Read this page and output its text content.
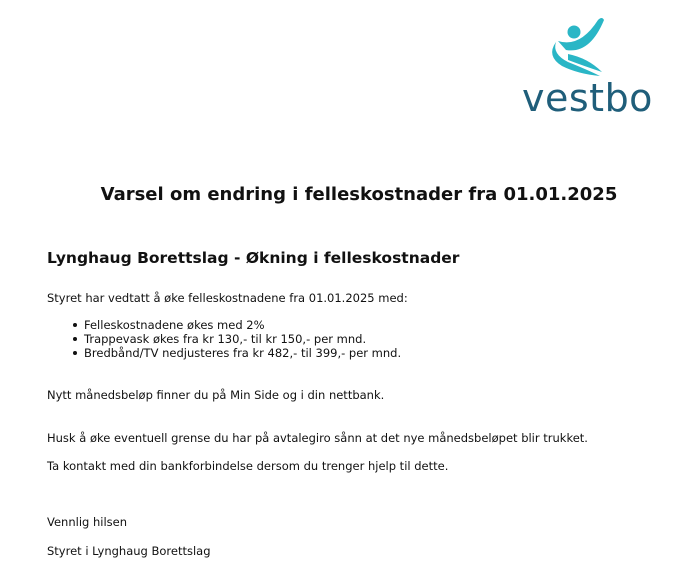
vestbo
Varsel om endring i felleskostnader fra 01.01.2025
Lynghaug Borettslag - Økning i felleskostnader
Styret har vedtatt å øke felleskostnadene fra 01.01.2025 med:
Felleskostnadene økes med 2%
Trappevask økes fra kr 130,- til kr 150,- per mnd.
Bredbånd/TV nedjusteres fra kr 482,- til 399,- per mnd.
Nytt månedsbeløp finner du på Min Side og i din nettbank.
Husk å øke eventuell grense du har på avtalegiro sånn at det nye månedsbeløpet blir trukket.
Ta kontakt med din bankforbindelse dersom du trenger hjelp til dette.
Vennlig hilsen
Styret i Lynghaug Borettslag
